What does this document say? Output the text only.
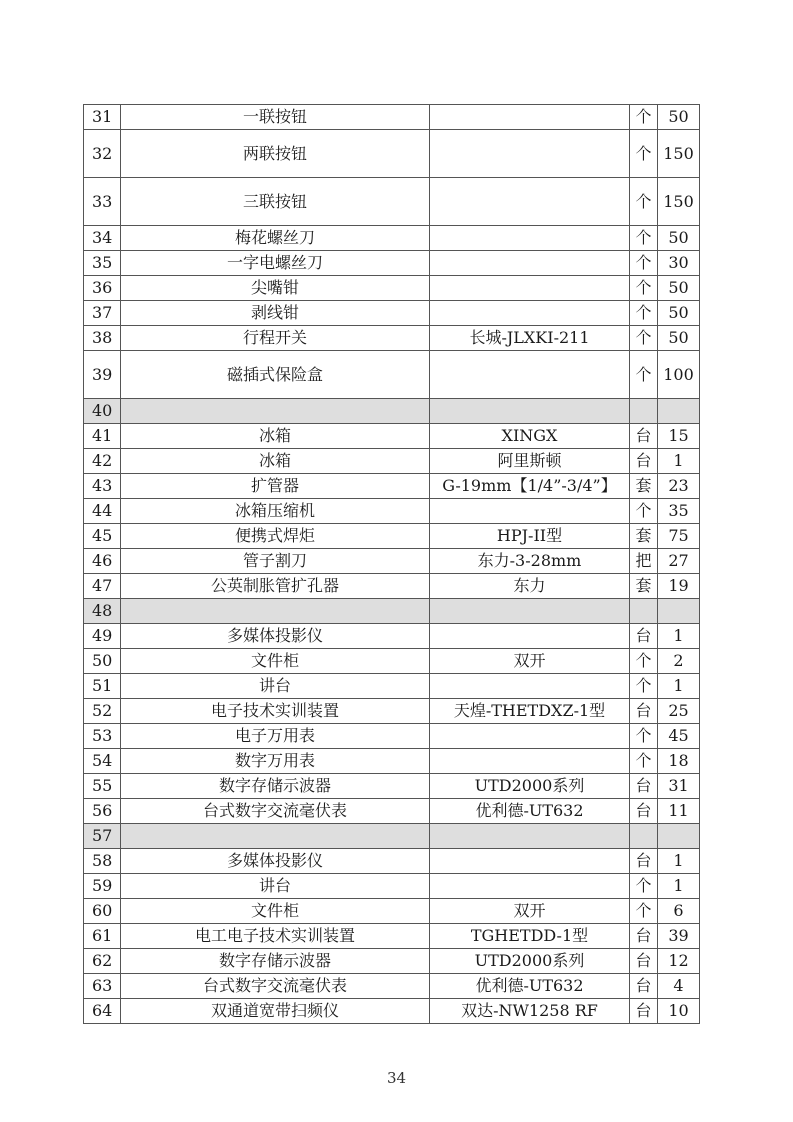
31	一联按钮		个	50
32	两联按钮		个	150
33	三联按钮		个	150
34	梅花螺丝刀		个	50
35	一字电螺丝刀		个	30
36	尖嘴钳		个	50
37	剥线钳		个	50
38	行程开关	长城-JLXKI-211	个	50
39	磁插式保险盒		个	100
40				
41	冰箱	XINGX	台	15
42	冰箱	阿里斯顿	台	1
43	扩管器	G-19mm【1/4”-3/4”】	套	23
44	冰箱压缩机		个	35
45	便携式焊炬	HPJ-II型	套	75
46	管子割刀	东力-3-28mm	把	27
47	公英制胀管扩孔器	东力	套	19
48				
49	多媒体投影仪		台	1
50	文件柜	双开	个	2
51	讲台		个	1
52	电子技术实训装置	天煌-THETDXZ-1型	台	25
53	电子万用表		个	45
54	数字万用表		个	18
55	数字存储示波器	UTD2000系列	台	31
56	台式数字交流毫伏表	优利德-UT632	台	11
57				
58	多媒体投影仪		台	1
59	讲台		个	1
60	文件柜	双开	个	6
61	电工电子技术实训装置	TGHETDD-1型	台	39
62	数字存储示波器	UTD2000系列	台	12
63	台式数字交流毫伏表	优利德-UT632	台	4
64	双通道宽带扫频仪	双达-NW1258 RF	台	10
34
